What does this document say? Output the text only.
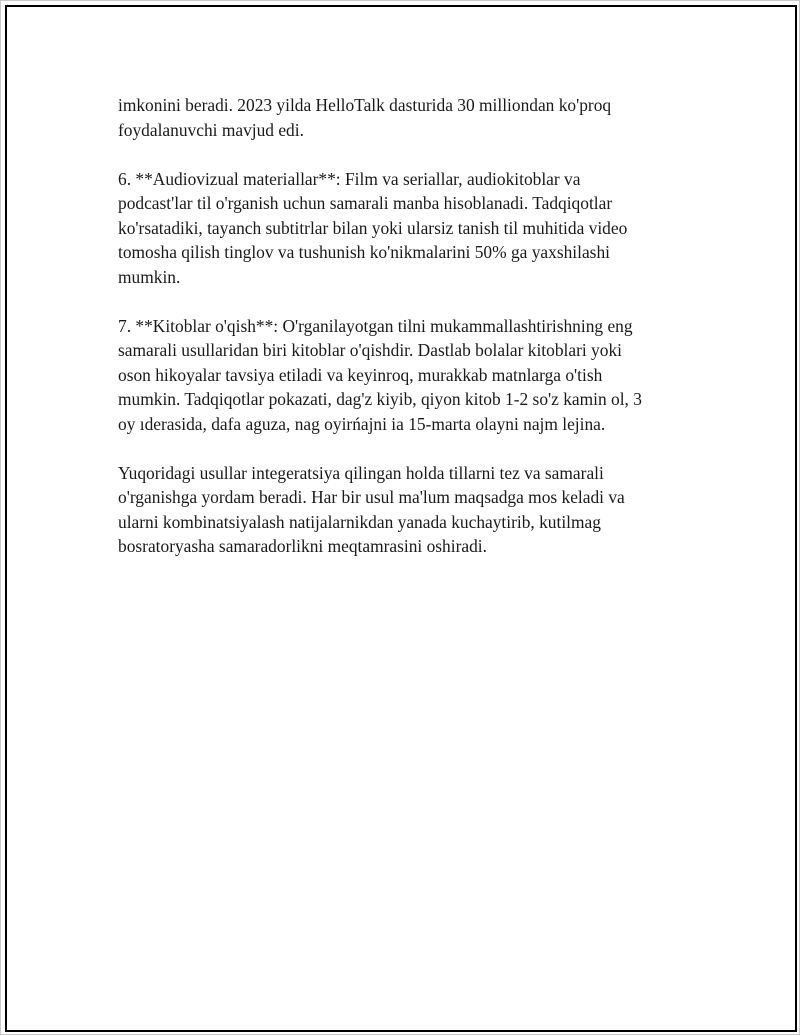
imkonini beradi. 2023 yilda HelloTalk dasturida 30 milliondan ko'proq
foydalanuvchi mavjud edi.

6. **Audiovizual materiallar**: Film va seriallar, audiokitoblar va
podcast'lar til o'rganish uchun samarali manba hisoblanadi. Tadqiqotlar
ko'rsatadiki, tayanch subtitrlar bilan yoki ularsiz tanish til muhitida video
tomosha qilish tinglov va tushunish ko'nikmalarini 50% ga yaxshilashi
mumkin.

7. **Kitoblar o'qish**: O'rganilayotgan tilni mukammallashtirishning eng
samarali usullaridan biri kitoblar o'qishdir. Dastlab bolalar kitoblari yoki
oson hikoyalar tavsiya etiladi va keyinroq, murakkab matnlarga o'tish
mumkin. Tadqiqotlar pokazati, dag'z kiyib, qiyon kitob 1-2 so'z kamin ol, 3
oy ıderasida, dafa aguza, nag oyirńajni ia 15-marta olayni najm lejina.

Yuqoridagi usullar integeratsiya qilingan holda tillarni tez va samarali
o'rganishga yordam beradi. Har bir usul ma'lum maqsadga mos keladi va
ularni kombinatsiyalash natijalarnikdan yanada kuchaytirib, kutilmag
bosratoryasha samaradorlikni meqtamrasini oshiradi.
